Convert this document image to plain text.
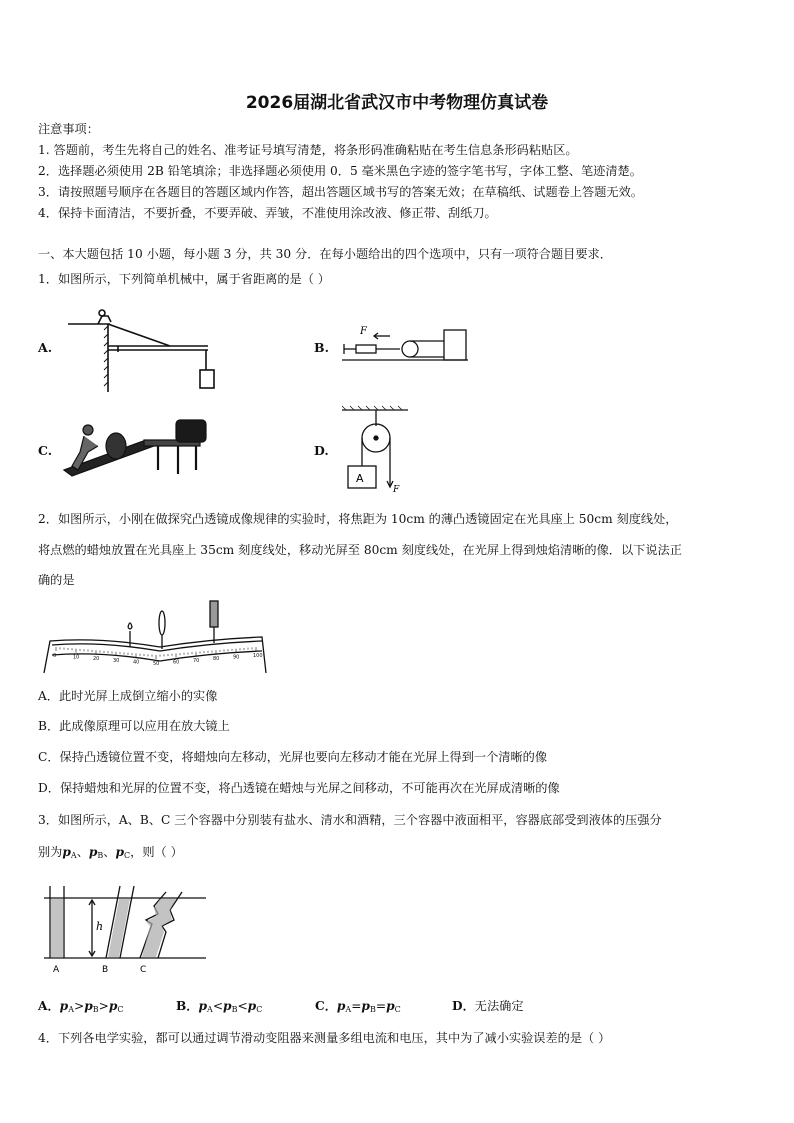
2026届湖北省武汉市中考物理仿真试卷
注意事项：
1. 答题前，考生先将自己的姓名、准考证号填写清楚，将条形码准确粘贴在考生信息条形码粘贴区。
2．选择题必须使用 2B 铅笔填涂；非选择题必须使用 0．5 毫米黑色字迹的签字笔书写，字体工整、笔迹清楚。
3．请按照题号顺序在各题目的答题区域内作答，超出答题区域书写的答案无效；在草稿纸、试题卷上答题无效。
4．保持卡面清洁，不要折叠，不要弄破、弄皱，不准使用涂改液、修正带、刮纸刀。
一、本大题包括 10 小题，每小题 3 分，共 30 分．在每小题给出的四个选项中，只有一项符合题目要求．
1．如图所示，下列简单机械中，属于省距离的是（ ）
A.	B.
F
C.	D.
A
F
2．如图所示，小刚在做探究凸透镜成像规律的实验时，将焦距为 10cm 的薄凸透镜固定在光具座上 50cm 刻度线处，
将点燃的蜡烛放置在光具座上 35cm 刻度线处，移动光屏至 80cm 刻度线处，在光屏上得到烛焰清晰的像．以下说法正
确的是
0	10	20	30	40	50	60	70	80	90	100
A．此时光屏上成倒立缩小的实像
B．此成像原理可以应用在放大镜上
C．保持凸透镜位置不变，将蜡烛向左移动，光屏也要向左移动才能在光屏上得到一个清晰的像
D．保持蜡烛和光屏的位置不变，将凸透镜在蜡烛与光屏之间移动，不可能再次在光屏成清晰的像
3．如图所示，A、B、C 三个容器中分别装有盐水、清水和酒精，三个容器中液面相平，容器底部受到液体的压强分
别为$p_A$、$p_B$、$p_C$，则（ ）
h
A	B	C
A．$p_A>p_B>p_C$	B．$p_A<p_B<p_C$	C．$p_A=p_B=p_C$	D．无法确定
4．下列各电学实验，都可以通过调节滑动变阻器来测量多组电流和电压，其中为了减小实验误差的是（ ）
